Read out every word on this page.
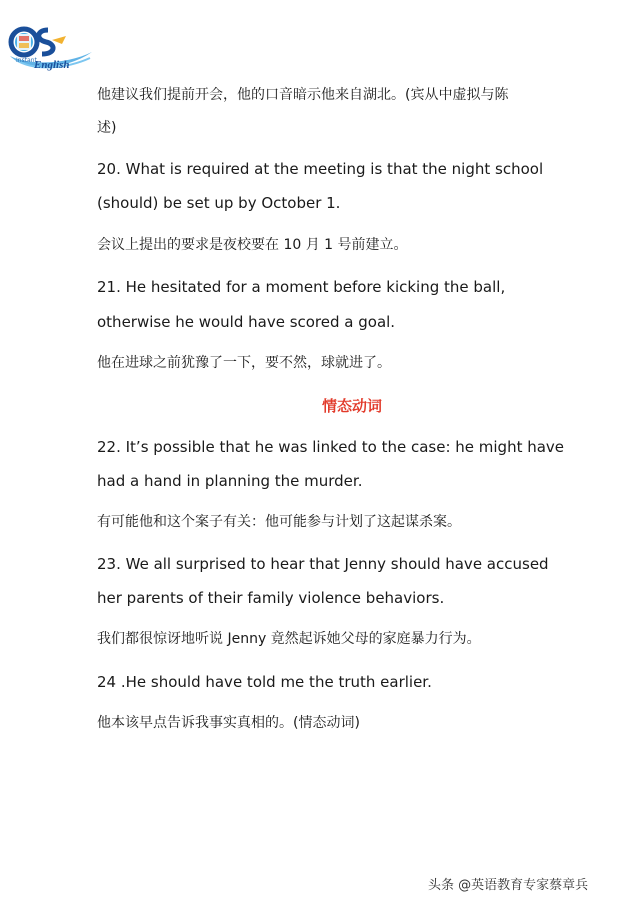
Instant
English
他建议我们提前开会，他的口音暗示他来自湖北。(宾从中虚拟与陈
述)
20. What is required at the meeting is that the night school
(should) be set up by October 1.
会议上提出的要求是夜校要在 10 月 1 号前建立。
21. He hesitated for a moment before kicking the ball,
otherwise he would have scored a goal.
他在进球之前犹豫了一下，要不然，球就进了。
情态动词
22. It’s possible that he was linked to the case: he might have
had a hand in planning the murder.
有可能他和这个案子有关：他可能参与计划了这起谋杀案。
23. We all surprised to hear that Jenny should have accused
her parents of their family violence behaviors.
我们都很惊讶地听说 Jenny 竟然起诉她父母的家庭暴力行为。
24 .He should have told me the truth earlier.
他本该早点告诉我事实真相的。(情态动词)
头条 @英语教育专家蔡章兵
